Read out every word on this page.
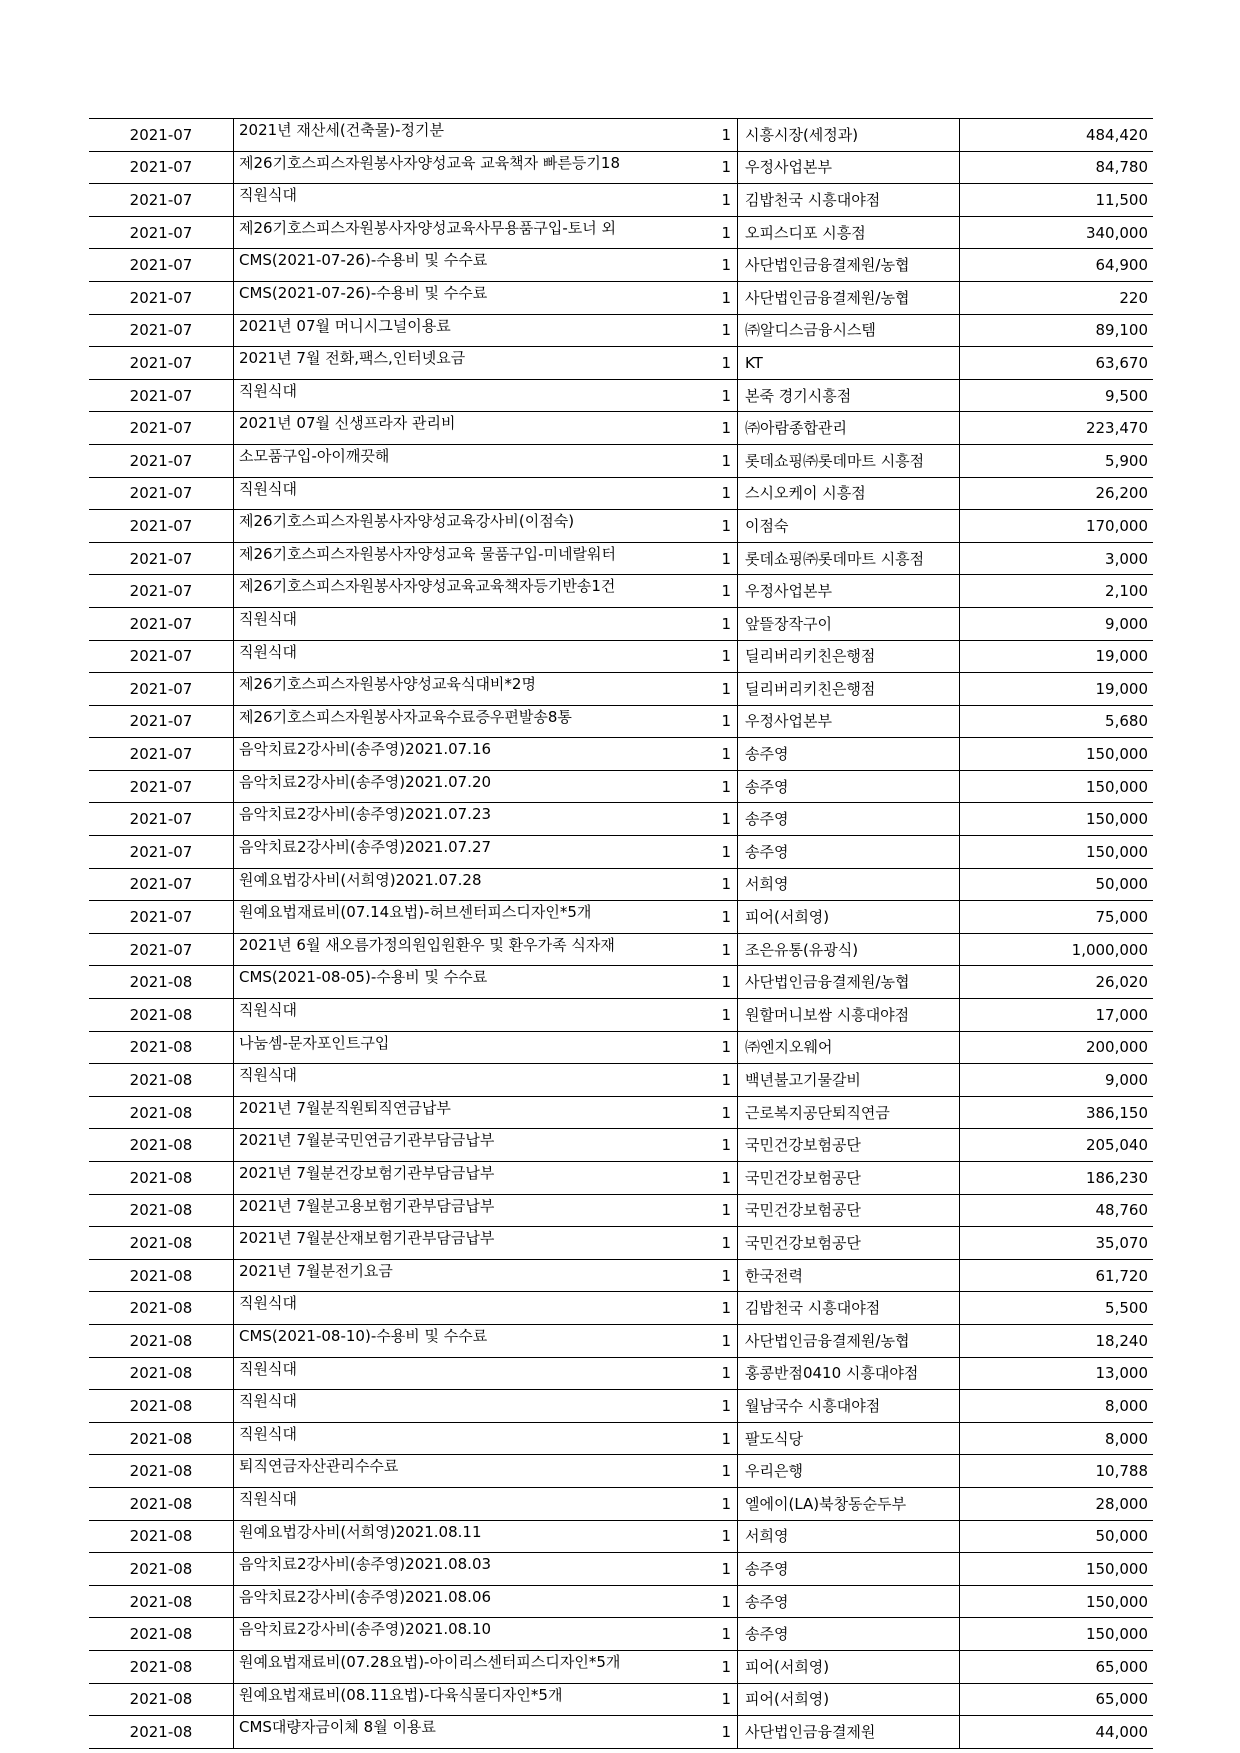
2021-07	2021년 재산세(건축물)-정기분	1	시흥시장(세정과)	484,420
2021-07	제26기호스피스자원봉사자양성교육 교육책자 빠른등기18	1	우정사업본부	84,780
2021-07	직원식대	1	김밥천국 시흥대야점	11,500
2021-07	제26기호스피스자원봉사자양성교육사무용품구입-토너 외	1	오피스디포 시흥점	340,000
2021-07	CMS(2021-07-26)-수용비 및 수수료	1	사단법인금융결제원/농협	64,900
2021-07	CMS(2021-07-26)-수용비 및 수수료	1	사단법인금융결제원/농협	220
2021-07	2021년 07월 머니시그널이용료	1	㈜알디스금융시스템	89,100
2021-07	2021년 7월 전화,팩스,인터넷요금	1	KT	63,670
2021-07	직원식대	1	본죽 경기시흥점	9,500
2021-07	2021년 07월 신생프라자 관리비	1	㈜아람종합관리	223,470
2021-07	소모품구입-아이깨끗해	1	롯데쇼핑㈜롯데마트 시흥점	5,900
2021-07	직원식대	1	스시오케이 시흥점	26,200
2021-07	제26기호스피스자원봉사자양성교육강사비(이점숙)	1	이점숙	170,000
2021-07	제26기호스피스자원봉사자양성교육 물품구입-미네랄워터	1	롯데쇼핑㈜롯데마트 시흥점	3,000
2021-07	제26기호스피스자원봉사자양성교육교육책자등기반송1건	1	우정사업본부	2,100
2021-07	직원식대	1	앞뜰장작구이	9,000
2021-07	직원식대	1	딜리버리키친은행점	19,000
2021-07	제26기호스피스자원봉사양성교육식대비*2명	1	딜리버리키친은행점	19,000
2021-07	제26기호스피스자원봉사자교육수료증우편발송8통	1	우정사업본부	5,680
2021-07	음악치료2강사비(송주영)2021.07.16	1	송주영	150,000
2021-07	음악치료2강사비(송주영)2021.07.20	1	송주영	150,000
2021-07	음악치료2강사비(송주영)2021.07.23	1	송주영	150,000
2021-07	음악치료2강사비(송주영)2021.07.27	1	송주영	150,000
2021-07	원예요법강사비(서희영)2021.07.28	1	서희영	50,000
2021-07	원예요법재료비(07.14요법)-허브센터피스디자인*5개	1	피어(서희영)	75,000
2021-07	2021년 6월 새오름가정의원입원환우 및 환우가족 식자재	1	조은유통(유광식)	1,000,000
2021-08	CMS(2021-08-05)-수용비 및 수수료	1	사단법인금융결제원/농협	26,020
2021-08	직원식대	1	원할머니보쌈 시흥대야점	17,000
2021-08	나눔셈-문자포인트구입	1	㈜엔지오웨어	200,000
2021-08	직원식대	1	백년불고기물갈비	9,000
2021-08	2021년 7월분직원퇴직연금납부	1	근로복지공단퇴직연금	386,150
2021-08	2021년 7월분국민연금기관부담금납부	1	국민건강보험공단	205,040
2021-08	2021년 7월분건강보험기관부담금납부	1	국민건강보험공단	186,230
2021-08	2021년 7월분고용보험기관부담금납부	1	국민건강보험공단	48,760
2021-08	2021년 7월분산재보험기관부담금납부	1	국민건강보험공단	35,070
2021-08	2021년 7월분전기요금	1	한국전력	61,720
2021-08	직원식대	1	김밥천국 시흥대야점	5,500
2021-08	CMS(2021-08-10)-수용비 및 수수료	1	사단법인금융결제원/농협	18,240
2021-08	직원식대	1	홍콩반점0410 시흥대야점	13,000
2021-08	직원식대	1	월남국수 시흥대야점	8,000
2021-08	직원식대	1	팔도식당	8,000
2021-08	퇴직연금자산관리수수료	1	우리은행	10,788
2021-08	직원식대	1	엘에이(LA)북창동순두부	28,000
2021-08	원예요법강사비(서희영)2021.08.11	1	서희영	50,000
2021-08	음악치료2강사비(송주영)2021.08.03	1	송주영	150,000
2021-08	음악치료2강사비(송주영)2021.08.06	1	송주영	150,000
2021-08	음악치료2강사비(송주영)2021.08.10	1	송주영	150,000
2021-08	원예요법재료비(07.28요법)-아이리스센터피스디자인*5개	1	피어(서희영)	65,000
2021-08	원예요법재료비(08.11요법)-다육식물디자인*5개	1	피어(서희영)	65,000
2021-08	CMS대량자금이체 8월 이용료	1	사단법인금융결제원	44,000
